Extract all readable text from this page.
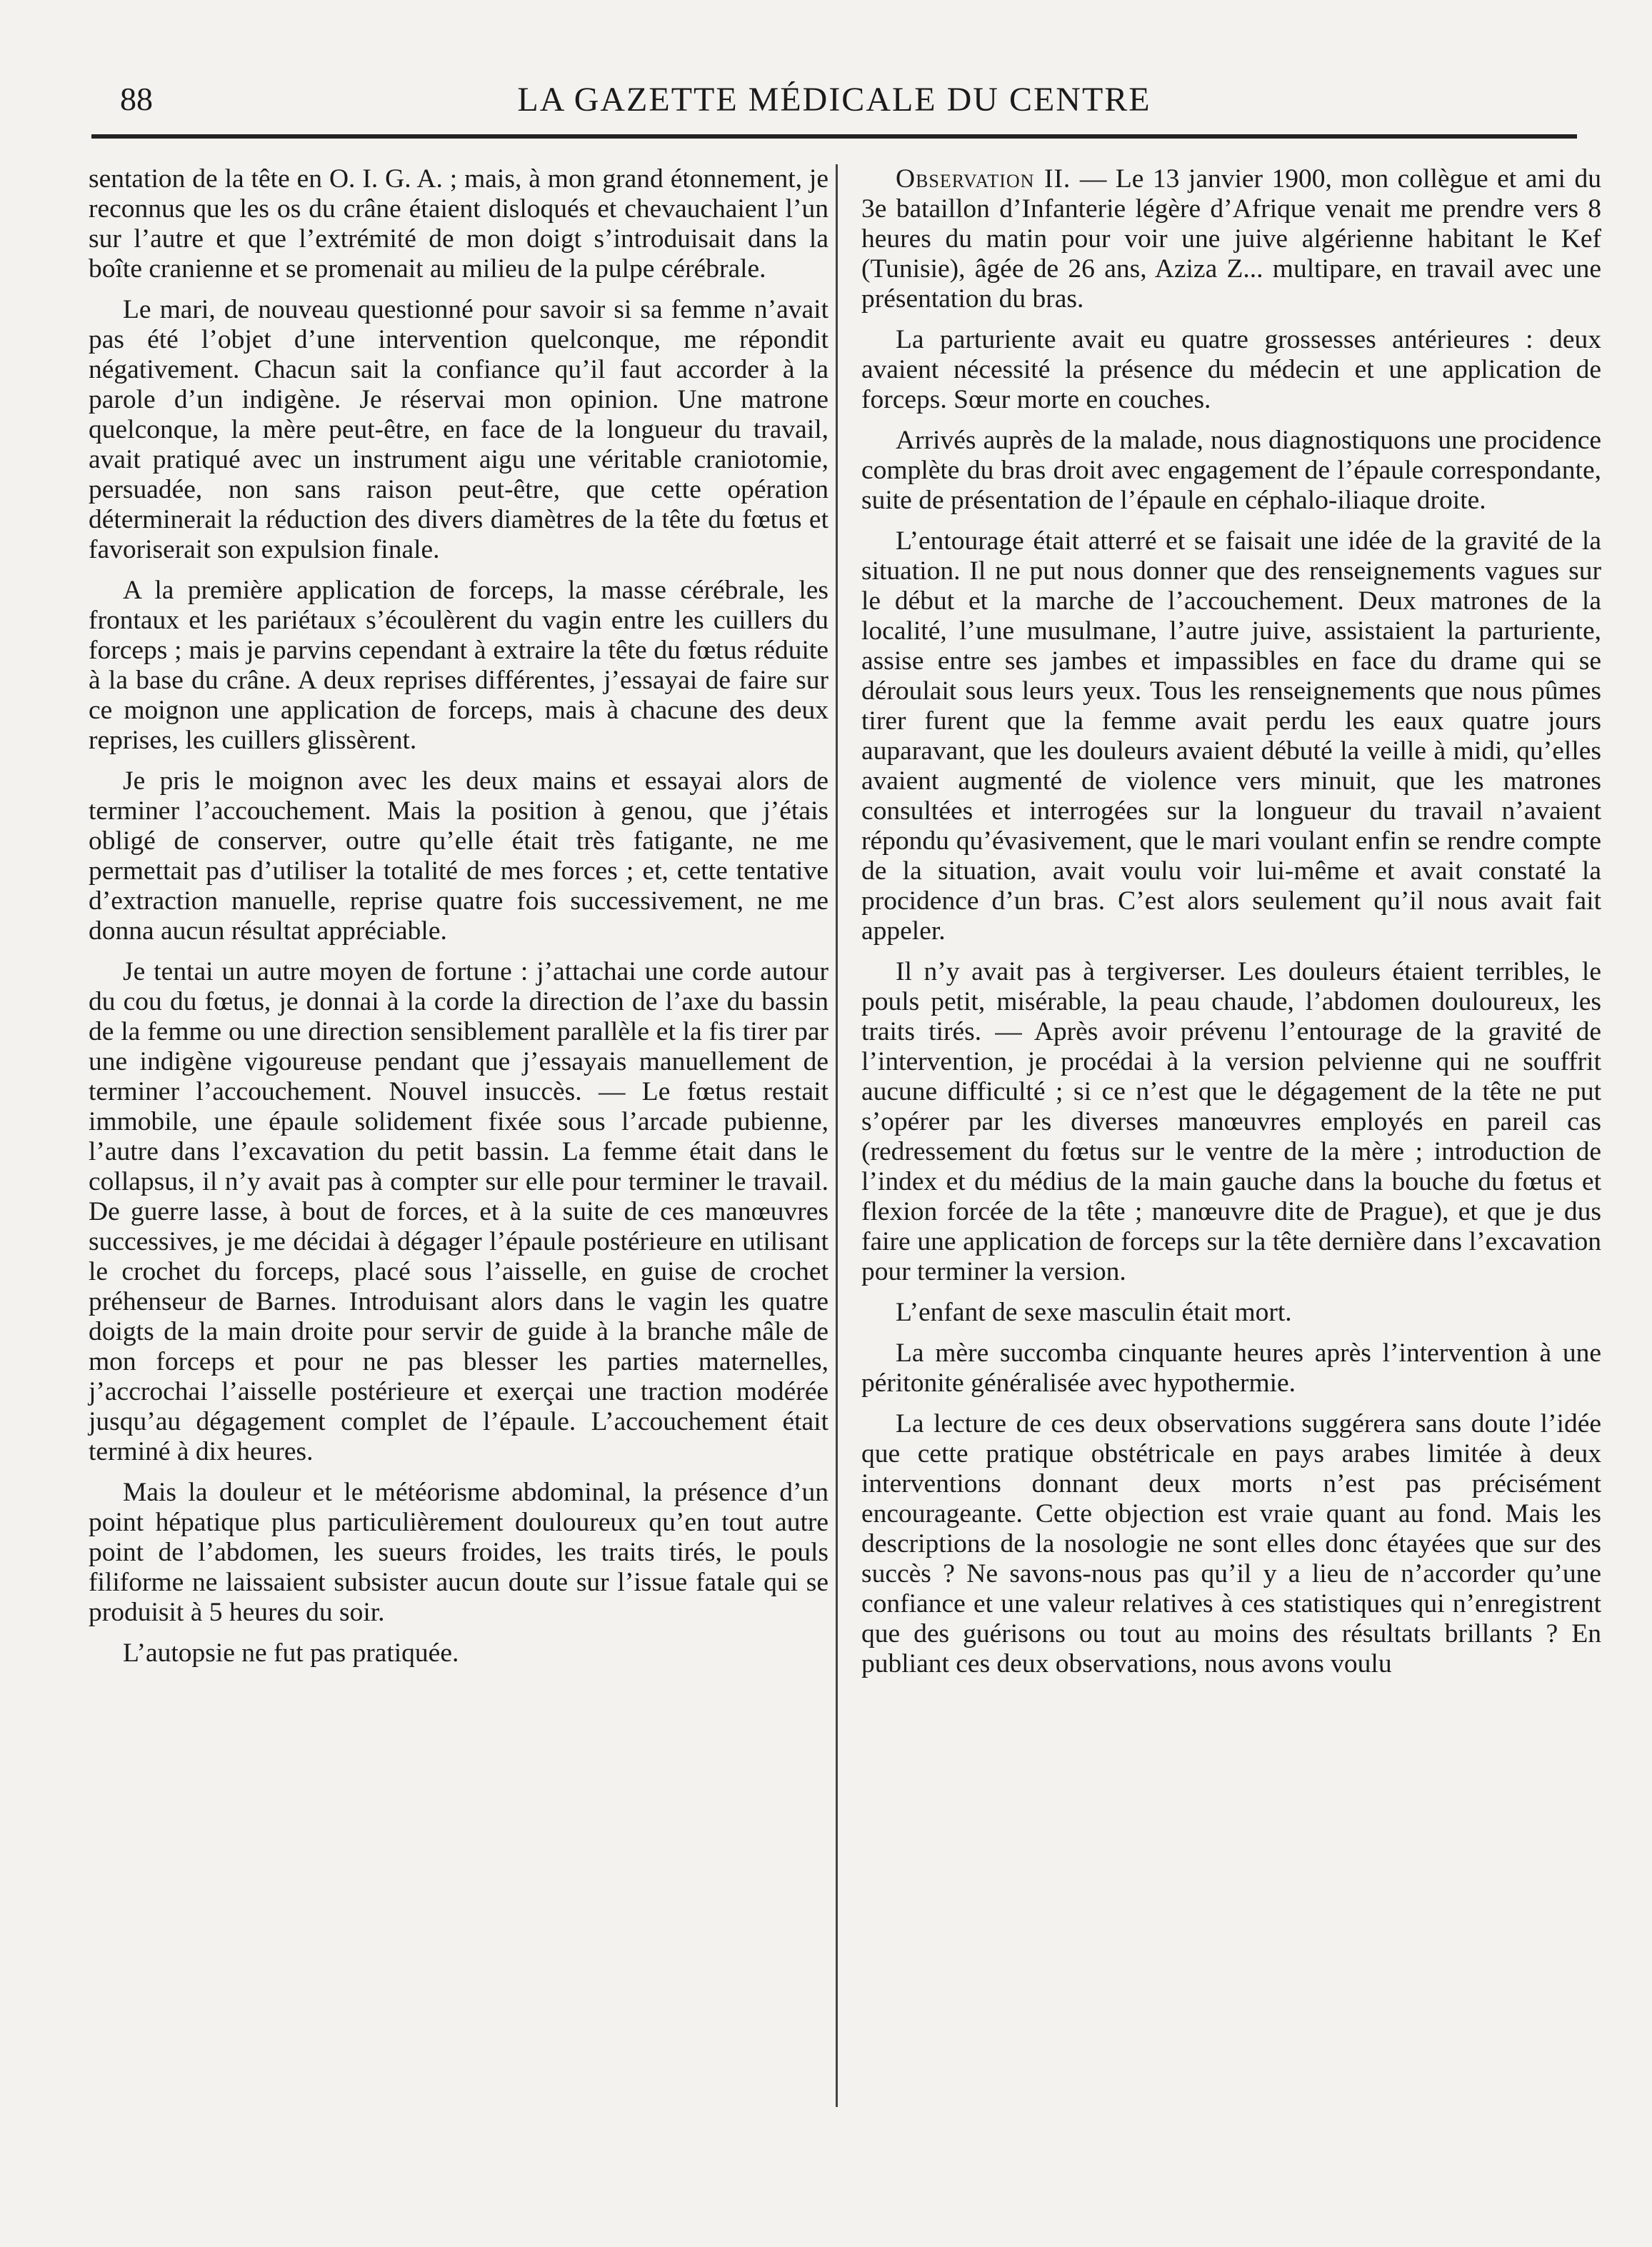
88	LA GAZETTE MÉDICALE DU CENTRE

sentation de la tête en O. I. G. A. ; mais, à mon grand étonnement, je reconnus que les os du crâne étaient disloqués et chevauchaient l’un sur l’autre et que l’extrémité de mon doigt s’introduisait dans la boîte cranienne et se promenait au milieu de la pulpe cérébrale.

Le mari, de nouveau questionné pour savoir si sa femme n’avait pas été l’objet d’une intervention quelconque, me répondit négativement. Chacun sait la confiance qu’il faut accorder à la parole d’un indigène. Je réservai mon opinion. Une matrone quelconque, la mère peut-être, en face de la longueur du travail, avait pratiqué avec un instrument aigu une véritable craniotomie, persuadée, non sans raison peut-être, que cette opération déterminerait la réduction des divers diamètres de la tête du fœtus et favoriserait son expulsion finale.

A la première application de forceps, la masse cérébrale, les frontaux et les pariétaux s’écoulèrent du vagin entre les cuillers du forceps ; mais je parvins cependant à extraire la tête du fœtus réduite à la base du crâne. A deux reprises différentes, j’essayai de faire sur ce moignon une application de forceps, mais à chacune des deux reprises, les cuillers glissèrent.

Je pris le moignon avec les deux mains et essayai alors de terminer l’accouchement. Mais la position à genou, que j’étais obligé de conserver, outre qu’elle était très fatigante, ne me permettait pas d’utiliser la totalité de mes forces ; et, cette tentative d’extraction manuelle, reprise quatre fois successivement, ne me donna aucun résultat appréciable.

Je tentai un autre moyen de fortune : j’attachai une corde autour du cou du fœtus, je donnai à la corde la direction de l’axe du bassin de la femme ou une direction sensiblement parallèle et la fis tirer par une indigène vigoureuse pendant que j’essayais manuellement de terminer l’accouchement. Nouvel insuccès. — Le fœtus restait immobile, une épaule solidement fixée sous l’arcade pubienne, l’autre dans l’excavation du petit bassin. La femme était dans le collapsus, il n’y avait pas à compter sur elle pour terminer le travail. De guerre lasse, à bout de forces, et à la suite de ces manœuvres successives, je me décidai à dégager l’épaule postérieure en utilisant le crochet du forceps, placé sous l’aisselle, en guise de crochet préhenseur de Barnes. Introduisant alors dans le vagin les quatre doigts de la main droite pour servir de guide à la branche mâle de mon forceps et pour ne pas blesser les parties maternelles, j’accrochai l’aisselle postérieure et exerçai une traction modérée jusqu’au dégagement complet de l’épaule. L’accouchement était terminé à dix heures.

Mais la douleur et le météorisme abdominal, la présence d’un point hépatique plus particulièrement douloureux qu’en tout autre point de l’abdomen, les sueurs froides, les traits tirés, le pouls filiforme ne laissaient subsister aucun doute sur l’issue fatale qui se produisit à 5 heures du soir.

L’autopsie ne fut pas pratiquée.

Observation II. — Le 13 janvier 1900, mon collègue et ami du 3e bataillon d’Infanterie légère d’Afrique venait me prendre vers 8 heures du matin pour voir une juive algérienne habitant le Kef (Tunisie), âgée de 26 ans, Aziza Z... multipare, en travail avec une présentation du bras.

La parturiente avait eu quatre grossesses antérieures : deux avaient nécessité la présence du médecin et une application de forceps. Sœur morte en couches.

Arrivés auprès de la malade, nous diagnostiquons une procidence complète du bras droit avec engagement de l’épaule correspondante, suite de présentation de l’épaule en céphalo-iliaque droite.

L’entourage était atterré et se faisait une idée de la gravité de la situation. Il ne put nous donner que des renseignements vagues sur le début et la marche de l’accouchement. Deux matrones de la localité, l’une musulmane, l’autre juive, assistaient la parturiente, assise entre ses jambes et impassibles en face du drame qui se déroulait sous leurs yeux. Tous les renseignements que nous pûmes tirer furent que la femme avait perdu les eaux quatre jours auparavant, que les douleurs avaient débuté la veille à midi, qu’elles avaient augmenté de violence vers minuit, que les matrones consultées et interrogées sur la longueur du travail n’avaient répondu qu’évasivement, que le mari voulant enfin se rendre compte de la situation, avait voulu voir lui-même et avait constaté la procidence d’un bras. C’est alors seulement qu’il nous avait fait appeler.

Il n’y avait pas à tergiverser. Les douleurs étaient terribles, le pouls petit, misérable, la peau chaude, l’abdomen douloureux, les traits tirés. — Après avoir prévenu l’entourage de la gravité de l’intervention, je procédai à la version pelvienne qui ne souffrit aucune difficulté ; si ce n’est que le dégagement de la tête ne put s’opérer par les diverses manœuvres employés en pareil cas (redressement du fœtus sur le ventre de la mère ; introduction de l’index et du médius de la main gauche dans la bouche du fœtus et flexion forcée de la tête ; manœuvre dite de Prague), et que je dus faire une application de forceps sur la tête dernière dans l’excavation pour terminer la version.

L’enfant de sexe masculin était mort.

La mère succomba cinquante heures après l’intervention à une péritonite généralisée avec hypothermie.

La lecture de ces deux observations suggérera sans doute l’idée que cette pratique obstétricale en pays arabes limitée à deux interventions donnant deux morts n’est pas précisément encourageante. Cette objection est vraie quant au fond. Mais les descriptions de la nosologie ne sont elles donc étayées que sur des succès ? Ne savons-nous pas qu’il y a lieu de n’accorder qu’une confiance et une valeur relatives à ces statistiques qui n’enregistrent que des guérisons ou tout au moins des résultats brillants ? En publiant ces deux observations, nous avons voulu
